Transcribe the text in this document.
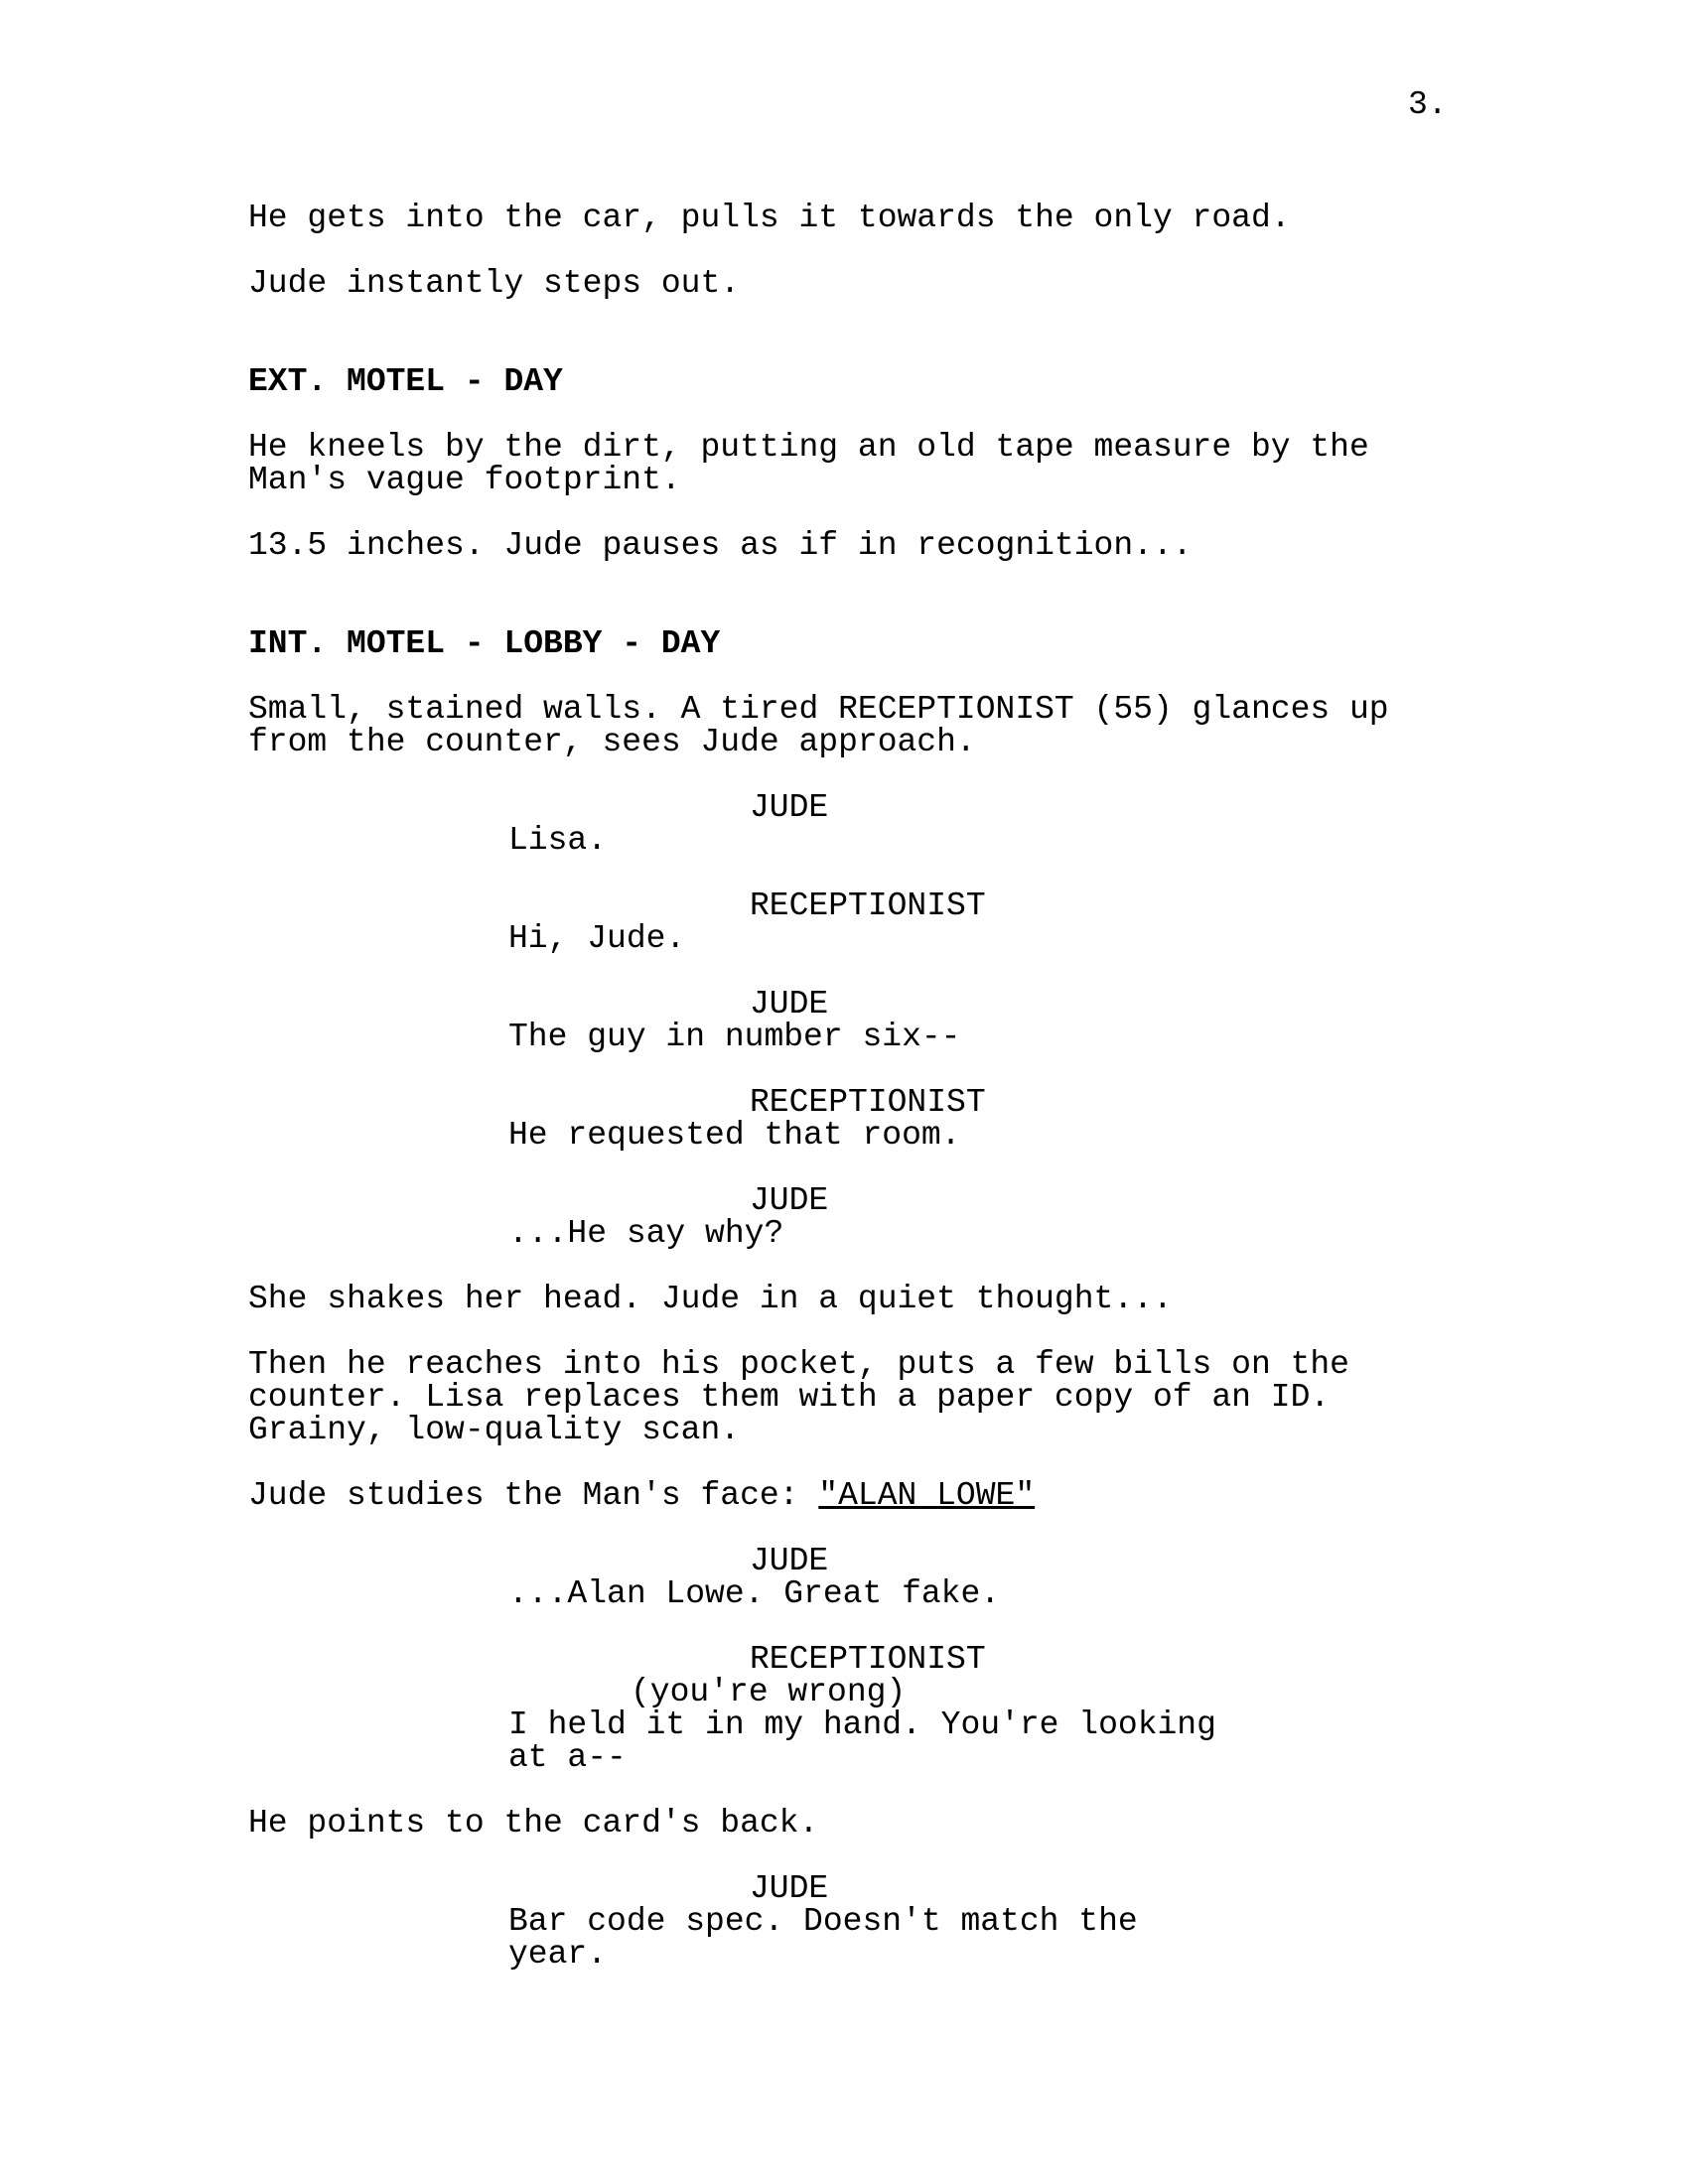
3.

He gets into the car, pulls it towards the only road.

Jude instantly steps out.

EXT. MOTEL - DAY

He kneels by the dirt, putting an old tape measure by the

Man's vague footprint.

13.5 inches. Jude pauses as if in recognition...

INT. MOTEL - LOBBY - DAY

Small, stained walls. A tired RECEPTIONIST (55) glances up

from the counter, sees Jude approach.

JUDE

Lisa.

RECEPTIONIST

Hi, Jude.

JUDE

The guy in number six--

RECEPTIONIST

He requested that room.

JUDE

...He say why?

She shakes her head. Jude in a quiet thought...

Then he reaches into his pocket, puts a few bills on the

counter. Lisa replaces them with a paper copy of an ID.

Grainy, low-quality scan.

Jude studies the Man's face: "ALAN LOWE"

JUDE

...Alan Lowe. Great fake.

RECEPTIONIST

(you're wrong)

I held it in my hand. You're looking

at a--

He points to the card's back.

JUDE

Bar code spec. Doesn't match the

year.
